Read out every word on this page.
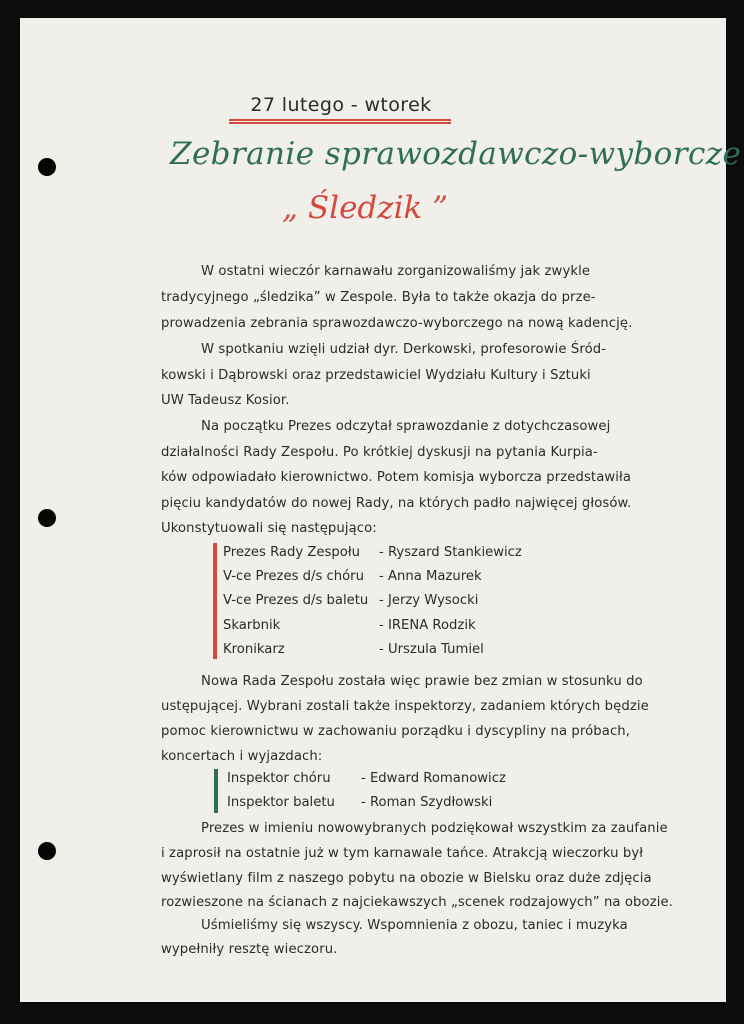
27 lutego - wtorek
Zebranie sprawozdawczo-wyborcze
„ Śledzik ”
W ostatni wieczór karnawału zorganizowaliśmy jak zwykle
tradycyjnego „śledzika” w Zespole. Była to także okazja do prze-
prowadzenia zebrania sprawozdawczo-wyborczego na nową kadencję.
W spotkaniu wzięli udział dyr. Derkowski, profesorowie Śród-
kowski i Dąbrowski oraz przedstawiciel Wydziału Kultury i Sztuki
UW Tadeusz Kosior.
Na początku Prezes odczytał sprawozdanie z dotychczasowej
działalności Rady Zespołu. Po krótkiej dyskusji na pytania Kurpia-
ków odpowiadało kierownictwo. Potem komisja wyborcza przedstawiła
pięciu kandydatów do nowej Rady, na których padło najwięcej głosów.
Ukonstytuowali się następująco:
Prezes Rady Zespołu - Ryszard Stankiewicz
V-ce Prezes d/s chóru - Anna Mazurek
V-ce Prezes d/s baletu - Jerzy Wysocki
Skarbnik	- IRENA Rodzik
Kronikarz	- Urszula Tumiel
Nowa Rada Zespołu została więc prawie bez zmian w stosunku do
ustępującej. Wybrani zostali także inspektorzy, zadaniem których będzie
pomoc kierownictwu w zachowaniu porządku i dyscypliny na próbach,
koncertach i wyjazdach:
Inspektor chóru - Edward Romanowicz
Inspektor baletu - Roman Szydłowski
Prezes w imieniu nowowybranych podziękował wszystkim za zaufanie
i zaprosił na ostatnie już w tym karnawale tańce. Atrakcją wieczorku był
wyświetlany film z naszego pobytu na obozie w Bielsku oraz duże zdjęcia
rozwieszone na ścianach z najciekawszych „scenek rodzajowych” na obozie.
Uśmieliśmy się wszyscy. Wspomnienia z obozu, taniec i muzyka
wypełniły resztę wieczoru.
